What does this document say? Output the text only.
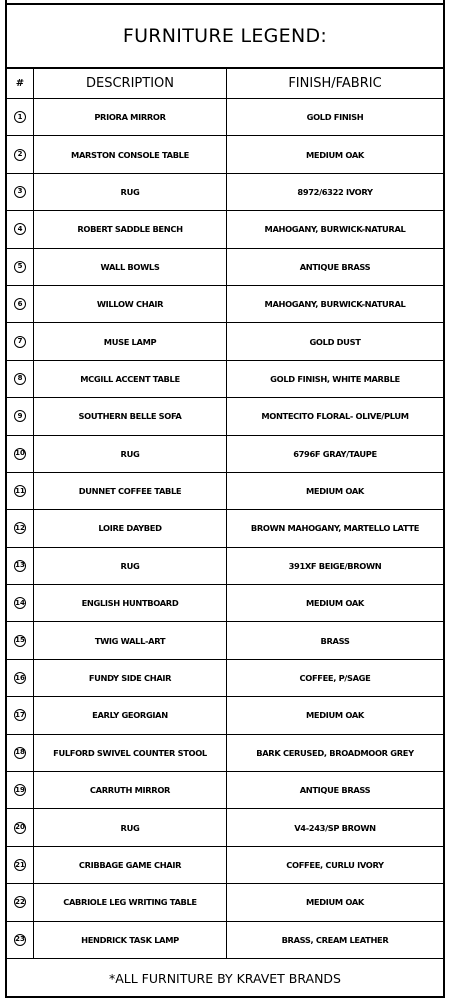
FURNITURE LEGEND:
#	DESCRIPTION	FINISH/FABRIC
1	PRIORA MIRROR	GOLD FINISH
2	MARSTON CONSOLE TABLE	MEDIUM OAK
3	RUG	8972/6322 IVORY
4	ROBERT SADDLE BENCH	MAHOGANY, BURWICK-NATURAL
5	WALL BOWLS	ANTIQUE BRASS
6	WILLOW CHAIR	MAHOGANY, BURWICK-NATURAL
7	MUSE LAMP	GOLD DUST
8	MCGILL ACCENT TABLE	GOLD FINISH, WHITE MARBLE
9	SOUTHERN BELLE SOFA	MONTECITO FLORAL- OLIVE/PLUM
10	RUG	6796F GRAY/TAUPE
11	DUNNET COFFEE TABLE	MEDIUM OAK
12	LOIRE DAYBED	BROWN MAHOGANY, MARTELLO LATTE
13	RUG	391XF BEIGE/BROWN
14	ENGLISH HUNTBOARD	MEDIUM OAK
15	TWIG WALL-ART	BRASS
16	FUNDY SIDE CHAIR	COFFEE, P/SAGE
17	EARLY GEORGIAN	MEDIUM OAK
18	FULFORD SWIVEL COUNTER STOOL	BARK CERUSED, BROADMOOR GREY
19	CARRUTH MIRROR	ANTIQUE BRASS
20	RUG	V4-243/SP BROWN
21	CRIBBAGE GAME CHAIR	COFFEE, CURLU IVORY
22	CABRIOLE LEG WRITING TABLE	MEDIUM OAK
23	HENDRICK TASK LAMP	BRASS, CREAM LEATHER
*ALL FURNITURE BY KRAVET BRANDS
